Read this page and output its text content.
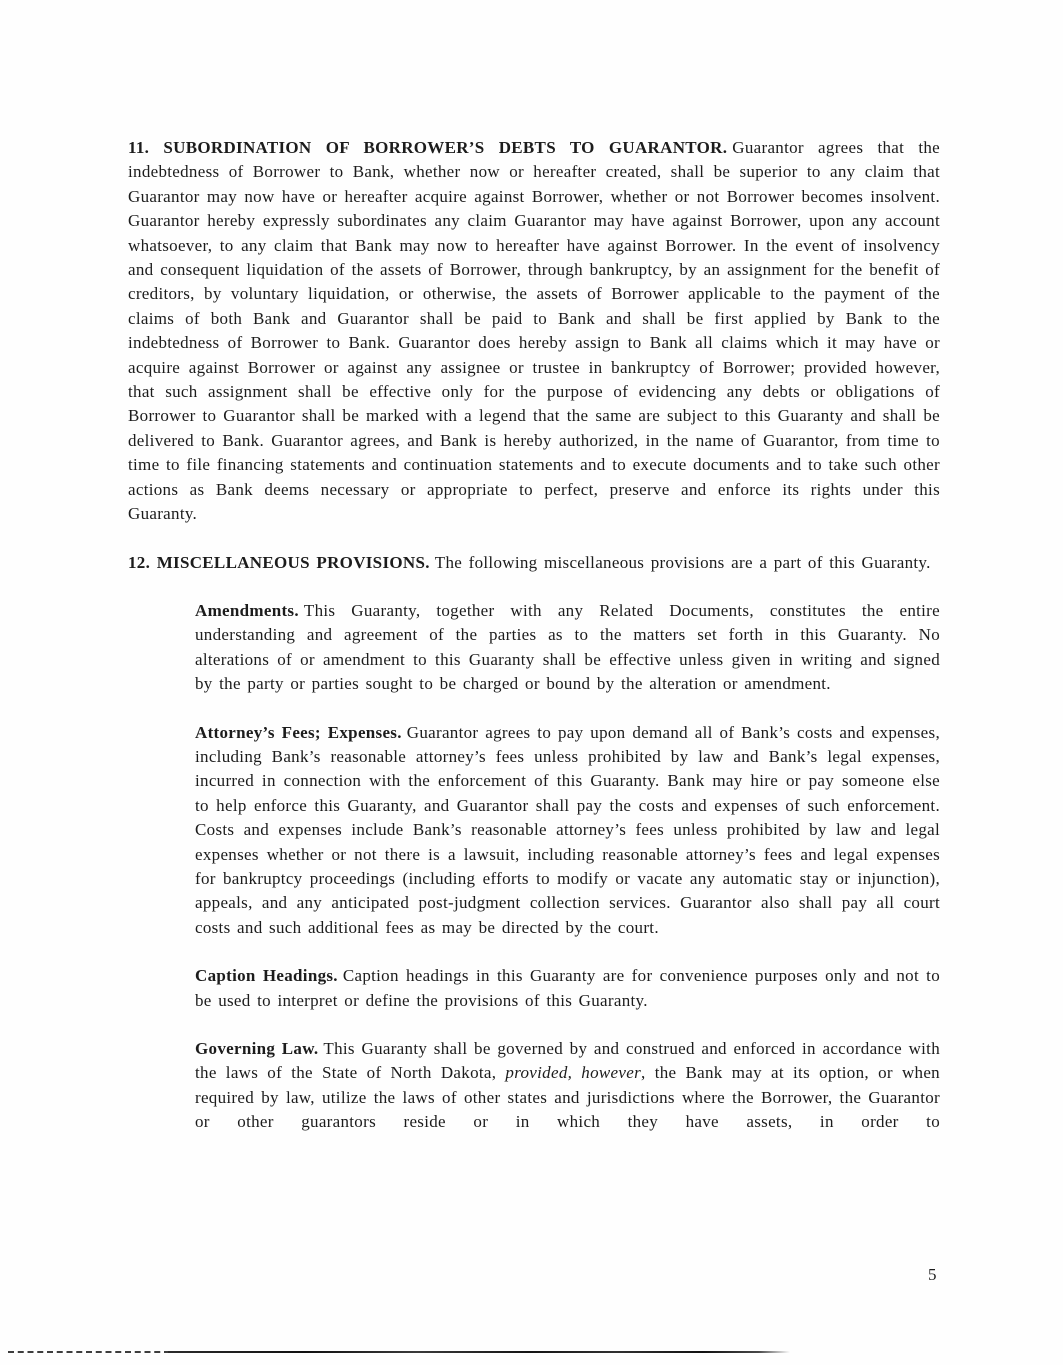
11. SUBORDINATION OF BORROWER’S DEBTS TO GUARANTOR. Guarantor agrees that the indebtedness of Borrower to Bank, whether now or hereafter created, shall be superior to any claim that Guarantor may now have or hereafter acquire against Borrower, whether or not Borrower becomes insolvent. Guarantor hereby expressly subordinates any claim Guarantor may have against Borrower, upon any account whatsoever, to any claim that Bank may now to hereafter have against Borrower. In the event of insolvency and consequent liquidation of the assets of Borrower, through bankruptcy, by an assignment for the benefit of creditors, by voluntary liquidation, or otherwise, the assets of Borrower applicable to the payment of the claims of both Bank and Guarantor shall be paid to Bank and shall be first applied by Bank to the indebtedness of Borrower to Bank. Guarantor does hereby assign to Bank all claims which it may have or acquire against Borrower or against any assignee or trustee in bankruptcy of Borrower; provided however, that such assignment shall be effective only for the purpose of evidencing any debts or obligations of Borrower to Guarantor shall be marked with a legend that the same are subject to this Guaranty and shall be delivered to Bank. Guarantor agrees, and Bank is hereby authorized, in the name of Guarantor, from time to time to file financing statements and continuation statements and to execute documents and to take such other actions as Bank deems necessary or appropriate to perfect, preserve and enforce its rights under this Guaranty.

12. MISCELLANEOUS PROVISIONS. The following miscellaneous provisions are a part of this Guaranty.

Amendments. This Guaranty, together with any Related Documents, constitutes the entire understanding and agreement of the parties as to the matters set forth in this Guaranty. No alterations of or amendment to this Guaranty shall be effective unless given in writing and signed by the party or parties sought to be charged or bound by the alteration or amendment.

Attorney’s Fees; Expenses. Guarantor agrees to pay upon demand all of Bank’s costs and expenses, including Bank’s reasonable attorney’s fees unless prohibited by law and Bank’s legal expenses, incurred in connection with the enforcement of this Guaranty. Bank may hire or pay someone else to help enforce this Guaranty, and Guarantor shall pay the costs and expenses of such enforcement. Costs and expenses include Bank’s reasonable attorney’s fees unless prohibited by law and legal expenses whether or not there is a lawsuit, including reasonable attorney’s fees and legal expenses for bankruptcy proceedings (including efforts to modify or vacate any automatic stay or injunction), appeals, and any anticipated post-judgment collection services. Guarantor also shall pay all court costs and such additional fees as may be directed by the court.

Caption Headings. Caption headings in this Guaranty are for convenience purposes only and not to be used to interpret or define the provisions of this Guaranty.

Governing Law. This Guaranty shall be governed by and construed and enforced in accordance with the laws of the State of North Dakota, provided, however, the Bank may at its option, or when required by law, utilize the laws of other states and jurisdictions where the Borrower, the Guarantor or other guarantors reside or in which they have assets, in order to

5
